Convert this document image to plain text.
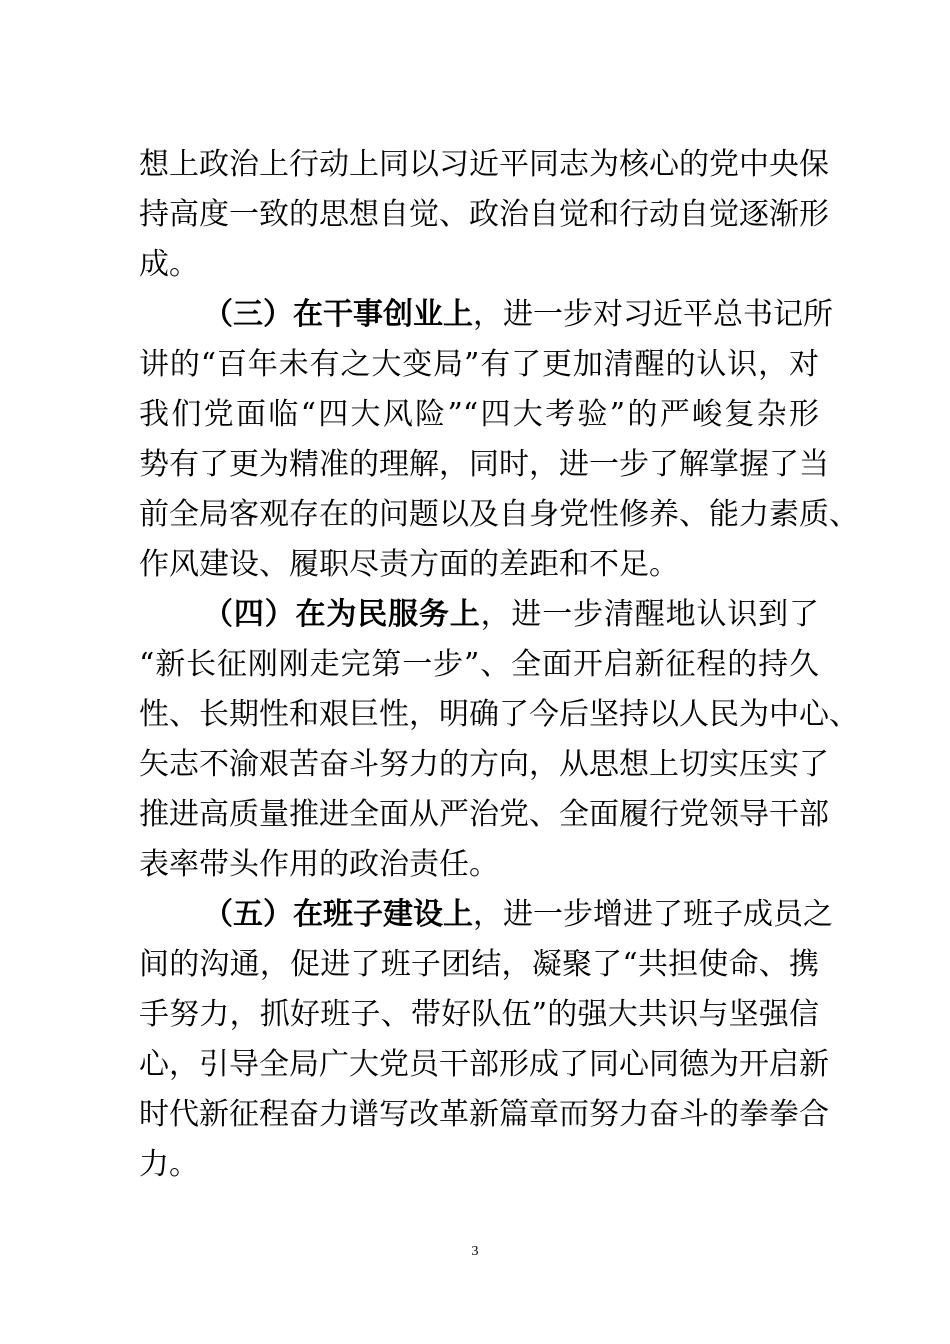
想上政治上行动上同以习近平同志为核心的党中央保
持高度一致的思想自觉、政治自觉和行动自觉逐渐形
成。
（三）在干事创业上，进一步对习近平总书记所
讲的“百年未有之大变局”有了更加清醒的认识，对
我们党面临“四大风险”“四大考验”的严峻复杂形
势有了更为精准的理解，同时，进一步了解掌握了当
前全局客观存在的问题以及自身党性修养、能力素质、
作风建设、履职尽责方面的差距和不足。
（四）在为民服务上，进一步清醒地认识到了
“新长征刚刚走完第一步”、全面开启新征程的持久
性、长期性和艰巨性，明确了今后坚持以人民为中心、
矢志不渝艰苦奋斗努力的方向，从思想上切实压实了
推进高质量推进全面从严治党、全面履行党领导干部
表率带头作用的政治责任。
（五）在班子建设上，进一步增进了班子成员之
间的沟通，促进了班子团结，凝聚了“共担使命、携
手努力，抓好班子、带好队伍”的强大共识与坚强信
心，引导全局广大党员干部形成了同心同德为开启新
时代新征程奋力谱写改革新篇章而努力奋斗的拳拳合
力。
3
